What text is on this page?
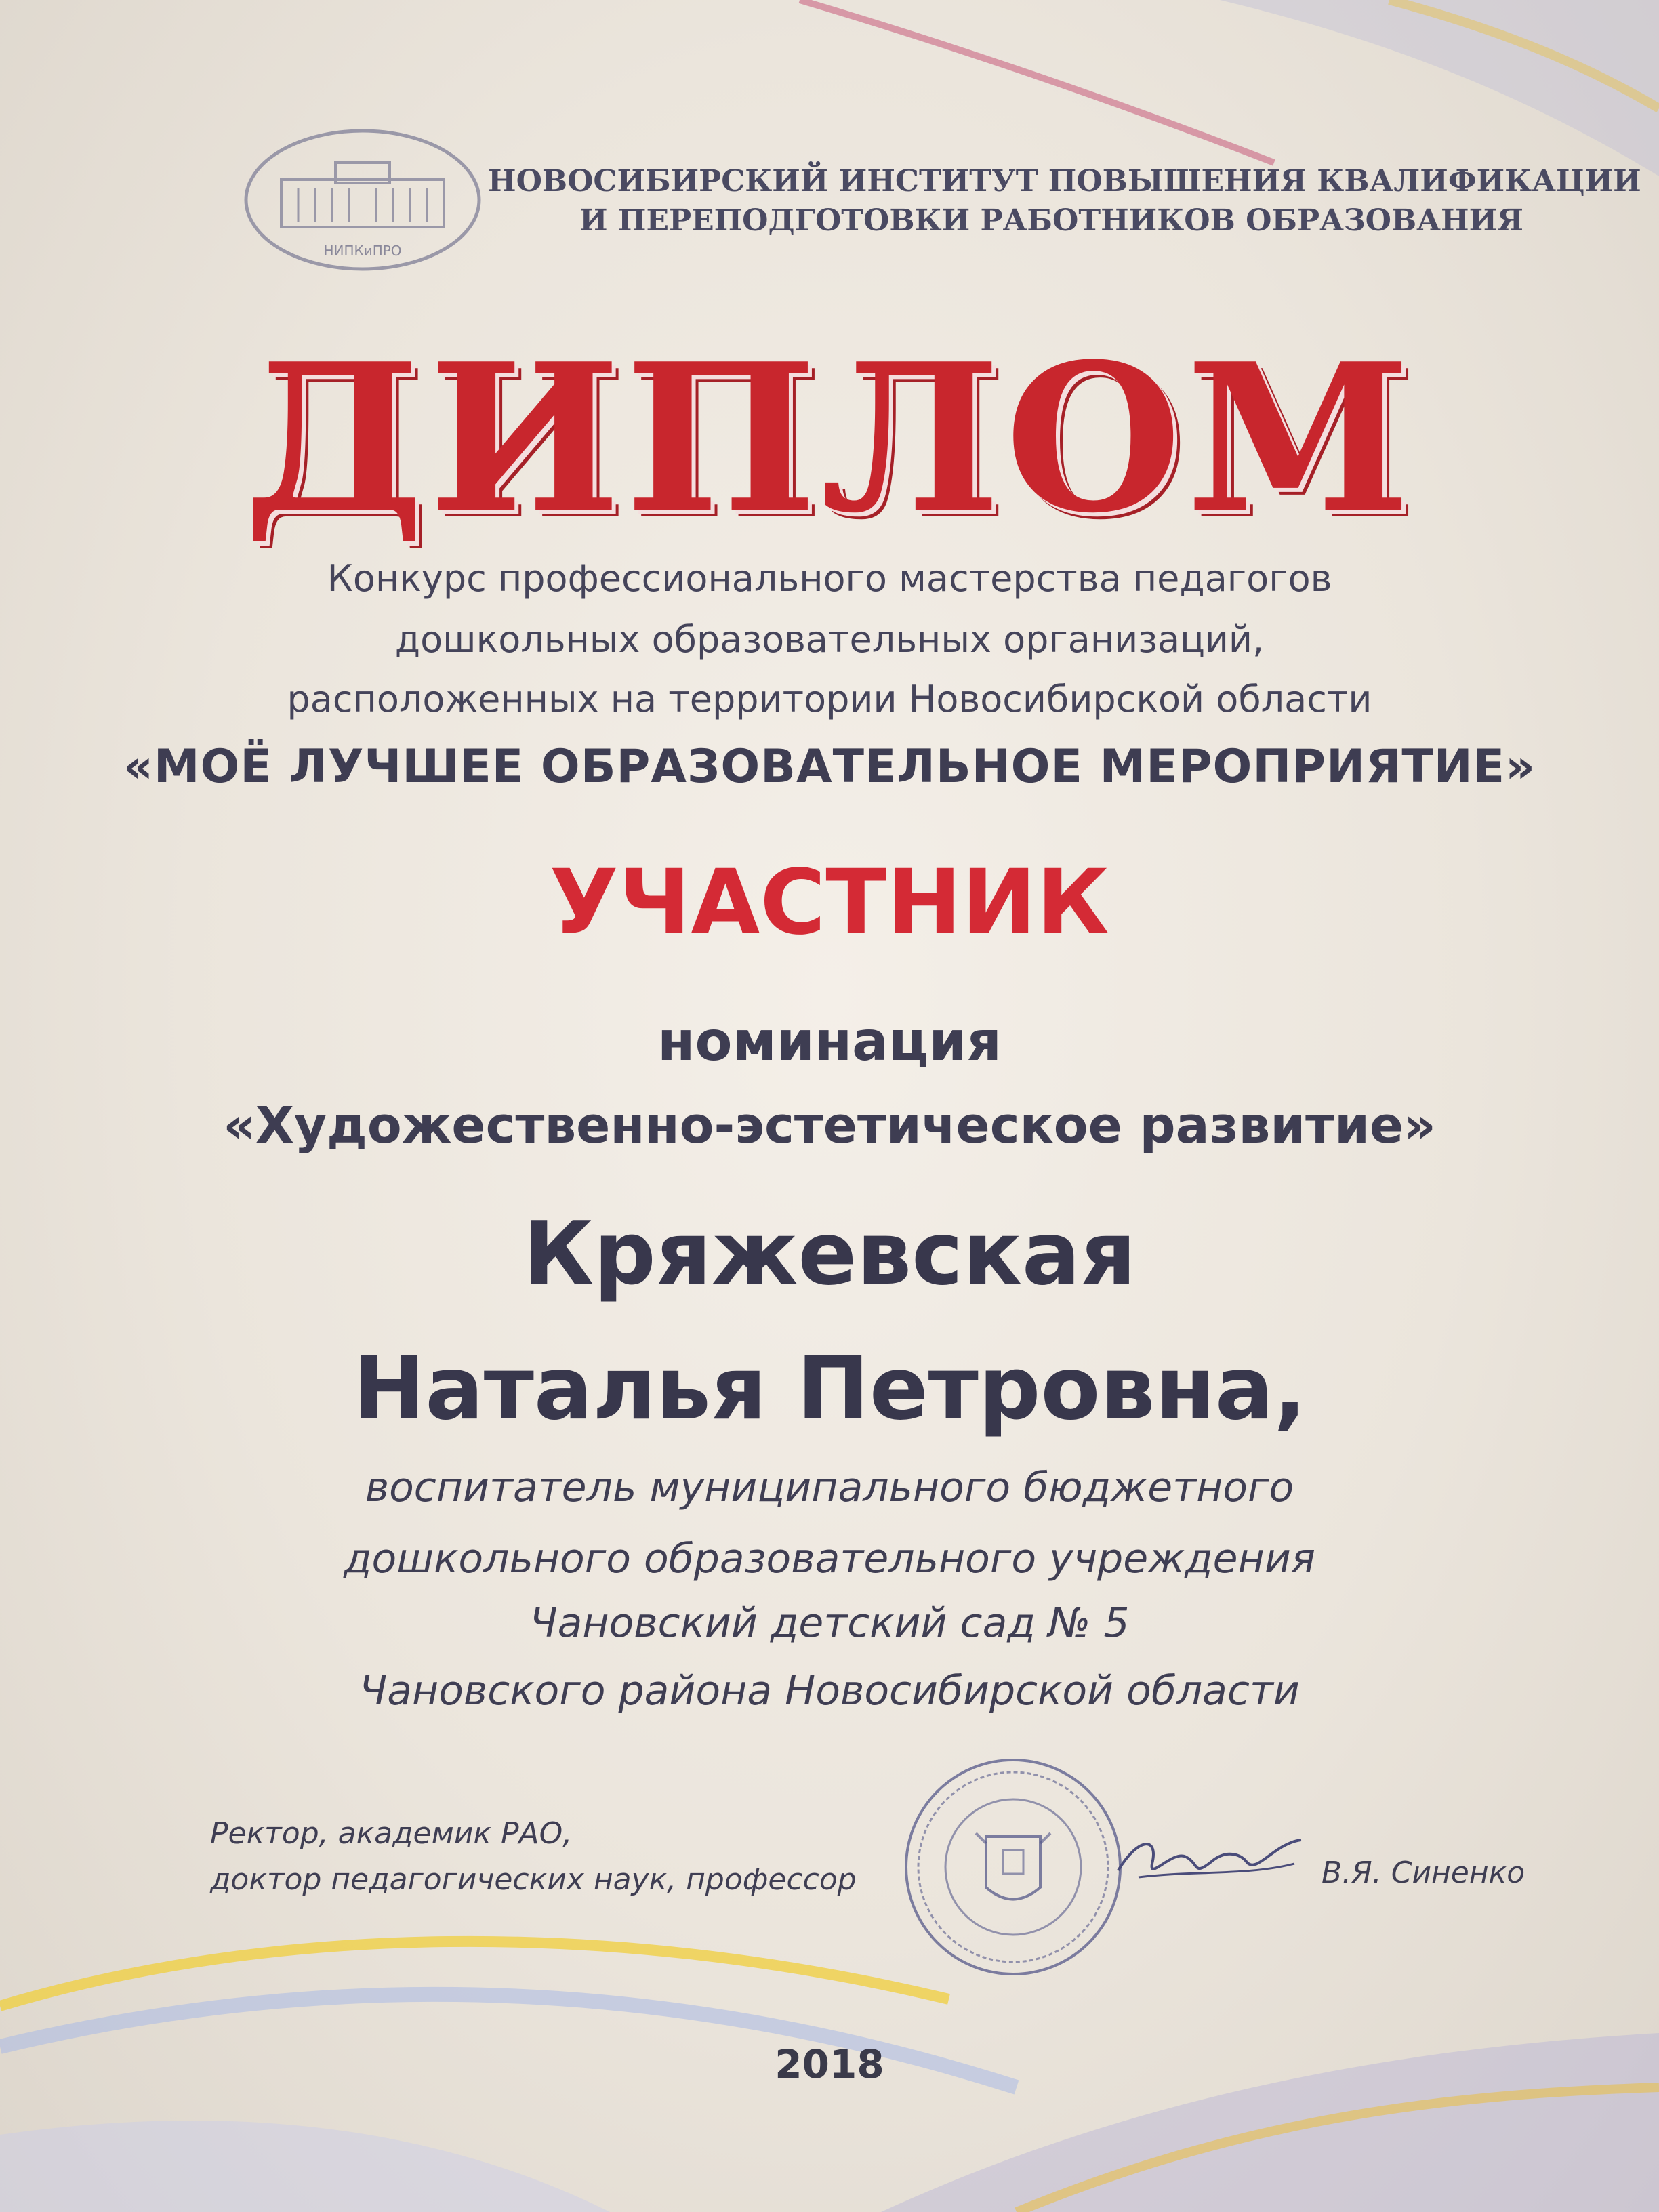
НИПКиПРО
НОВОСИБИРСКИЙ ИНСТИТУТ ПОВЫШЕНИЯ КВАЛИФИКАЦИИ
И ПЕРЕПОДГОТОВКИ РАБОТНИКОВ ОБРАЗОВАНИЯ
ДИПЛОМ
Конкурс профессионального мастерства педагогов
дошкольных образовательных организаций,
расположенных на территории Новосибирской области
«МОЁ ЛУЧШЕЕ ОБРАЗОВАТЕЛЬНОЕ МЕРОПРИЯТИЕ»
УЧАСТНИК
номинация
«Художественно-эстетическое развитие»
Кряжевская
Наталья Петровна,
воспитатель муниципального бюджетного
дошкольного образовательного учреждения
Чановский детский сад № 5
Чановского района Новосибирской области
Ректор, академик РАО,
доктор педагогических наук, профессор	В.Я. Синенко
2018
